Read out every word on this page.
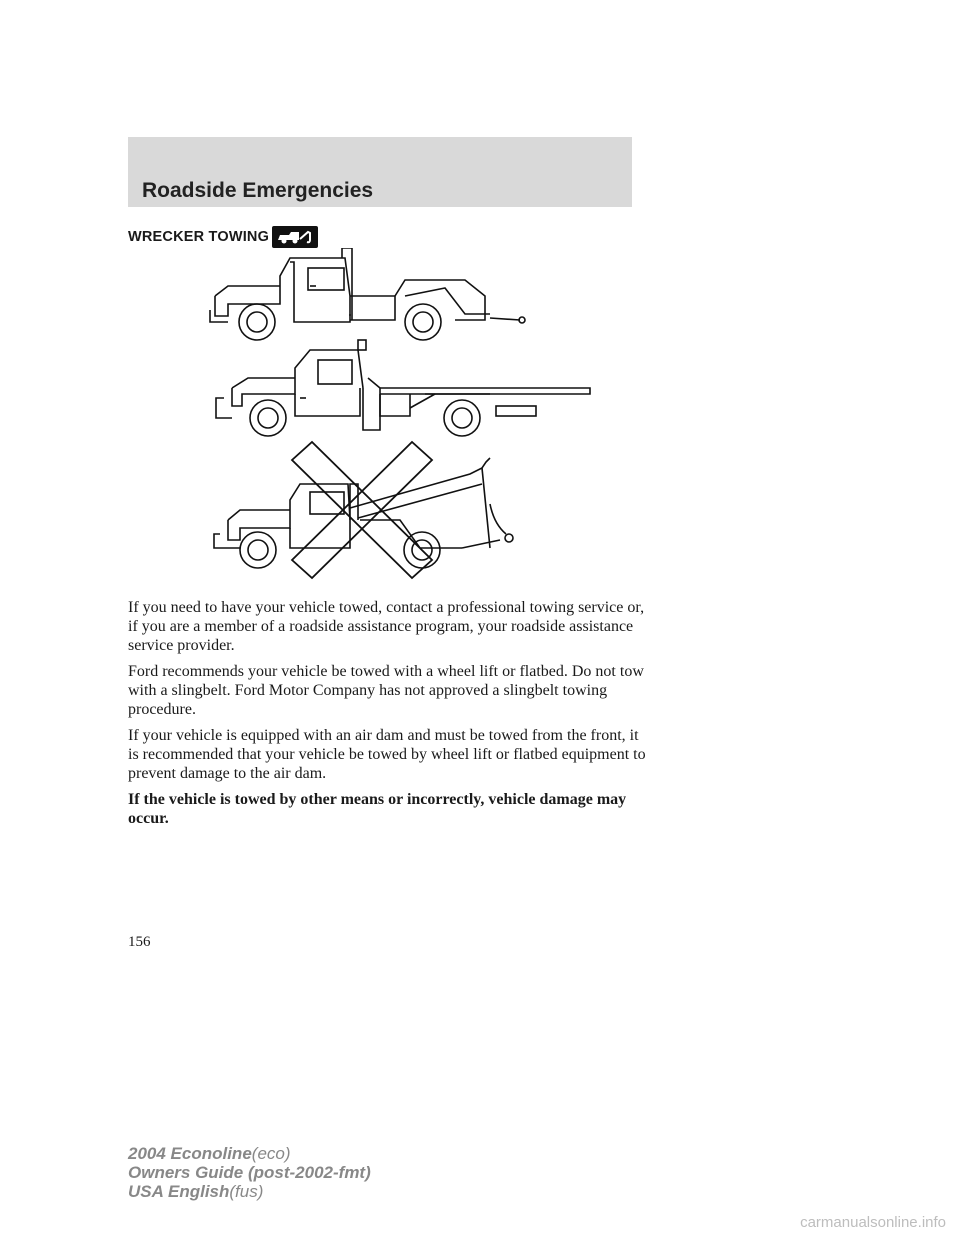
Roadside Emergencies
WRECKER TOWING

If you need to have your vehicle towed, contact a professional towing service or, if you are a member of a roadside assistance program, your roadside assistance service provider.

Ford recommends your vehicle be towed with a wheel lift or flatbed. Do not tow with a slingbelt. Ford Motor Company has not approved a slingbelt towing procedure.

If your vehicle is equipped with an air dam and must be towed from the front, it is recommended that your vehicle be towed by wheel lift or flatbed equipment to prevent damage to the air dam.

If the vehicle is towed by other means or incorrectly, vehicle damage may occur.

156
2004 Econoline(eco)
Owners Guide (post-2002-fmt)
USA English(fus)
carmanualsonline.info
